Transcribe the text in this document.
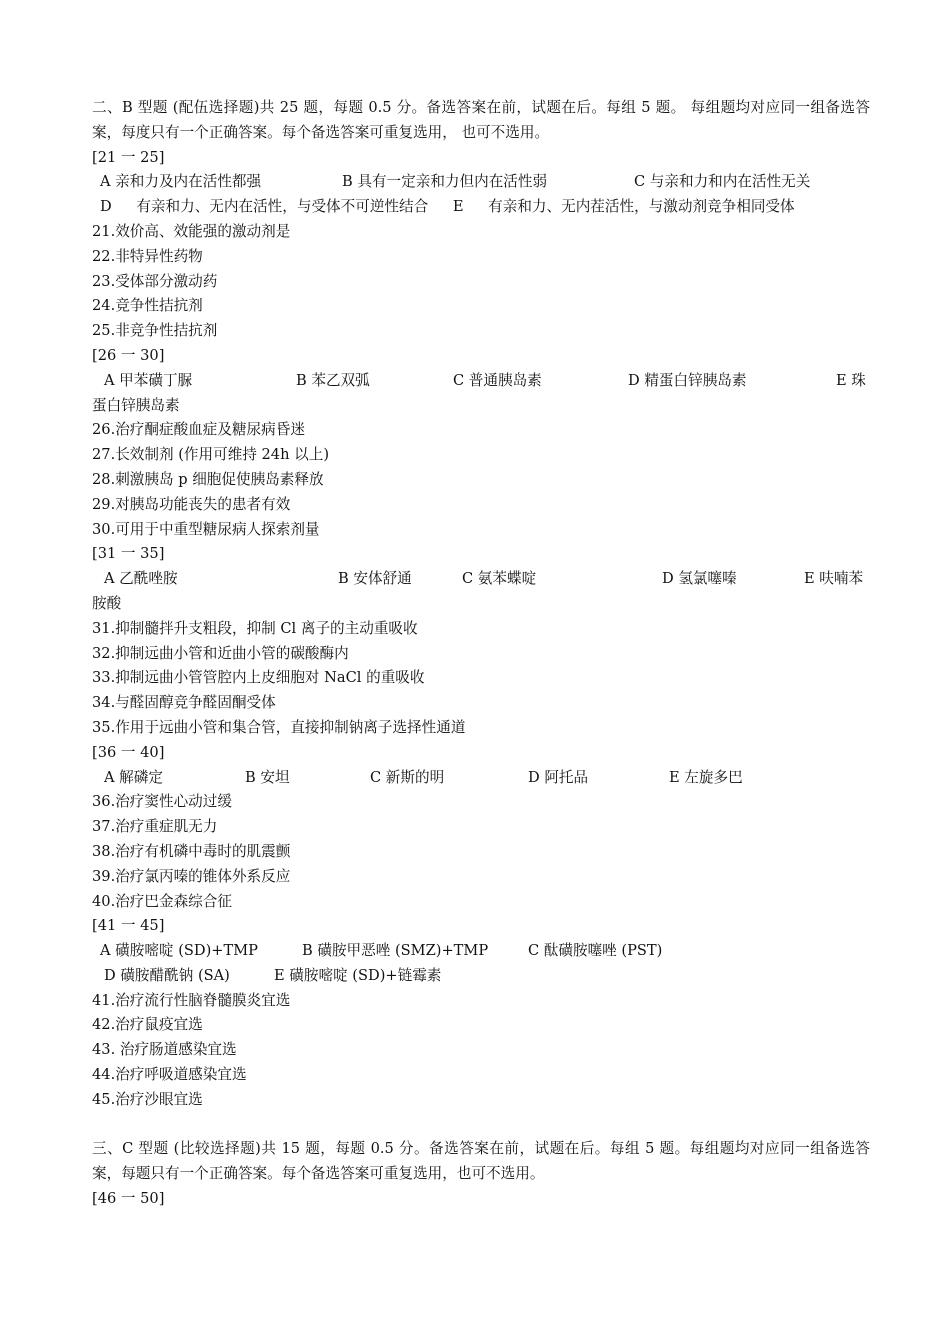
二、B 型题 (配伍选择题)共 25 题，每题 0.5 分。备选答案在前，试题在后。每组 5 题。 每组题均对应同一组备选答案，每度只有一个正确答案。每个备选答案可重复选用， 也可不选用。
[21 一 25]
A 亲和力及内在活性都强	B 具有一定亲和力但内在活性弱	C 与亲和力和内在活性无关
D 有亲和力、无内在活性，与受体不可逆性结合 E 有亲和力、无内茬活性，与激动剂竞争相同受体
21.效价高、效能强的激动剂是
22.非特异性药物
23.受体部分激动药
24.竞争性拮抗剂
25.非竞争性拮抗剂
[26 一 30]
A 甲苯磺丁脲	B 苯乙双弧	C 普通胰岛素	D 精蛋白锌胰岛素	E 珠
蛋白锌胰岛素
26.治疗酮症酸血症及糖尿病昏迷
27.长效制剂 (作用可维持 24h 以上)
28.刺激胰岛 p 细胞促使胰岛素释放
29.对胰岛功能丧失的患者有效
30.可用于中重型糖尿病人探索剂量
[31 一 35]
A 乙酰唑胺	B 安体舒通	C 氨苯蝶啶	D 氢氯噻嗪	E 呋喃苯
胺酸
31.抑制髓拌升支粗段，抑制 Cl 离子的主动重吸收
32.抑制远曲小管和近曲小管的碳酸酶内
33.抑制远曲小管管腔内上皮细胞对 NaCl 的重吸收
34.与醛固醇竞争醛固酮受体
35.作用于远曲小管和集合管，直接抑制钠离子选择性通道
[36 一 40]
A 解磷定	B 安坦	C 新斯的明	D 阿托品	E 左旋多巴
36.治疗窦性心动过缓
37.治疗重症肌无力
38.治疗有机磷中毒时的肌震颤
39.治疗氯丙嗪的锥体外系反应
40.治疗巴金森综合征
[41 一 45]
A 磺胺嘧啶 (SD)+TMP	B 磺胺甲恶唑 (SMZ)+TMP	C 酞磺胺噻唑 (PST)
D 磺胺醋酰钠 (SA)	E 磺胺嘧啶 (SD)+链霉素
41.治疗流行性脑脊髓膜炎宜选
42.治疗鼠疫宜选
43. 治疗肠道感染宜选
44.治疗呼吸道感染宜选
45.治疗沙眼宜选
三、C 型题 (比较选择题)共 15 题，每题 0.5 分。备选答案在前，试题在后。每组 5 题。每组题均对应同一组备选答案，每题只有一个正确答案。每个备选答案可重复选用，也可不选用。
[46 一 50]
